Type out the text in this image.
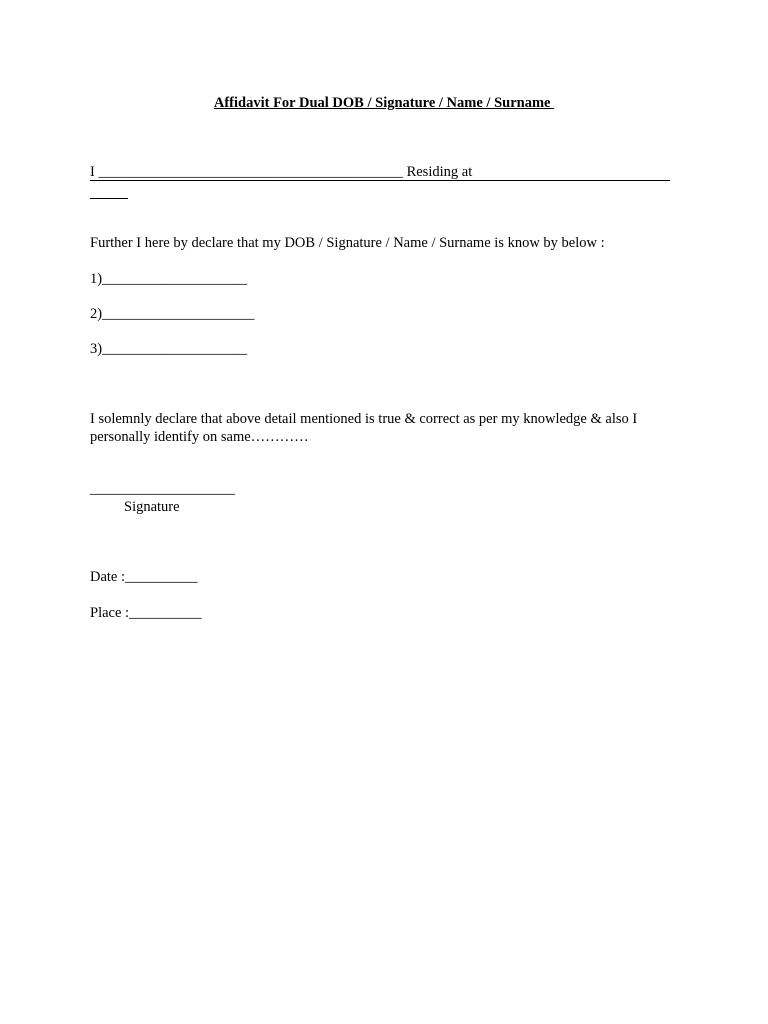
Affidavit For Dual DOB / Signature / Name / Surname
I __________________________________________ Residing at
Further I here by declare that my DOB / Signature / Name / Surname is know by below :
1)____________________
2)_____________________
3)____________________
I solemnly declare that above detail mentioned is true & correct as per my knowledge & also I personally identify on same…………
____________________
Signature
Date :__________
Place :__________
